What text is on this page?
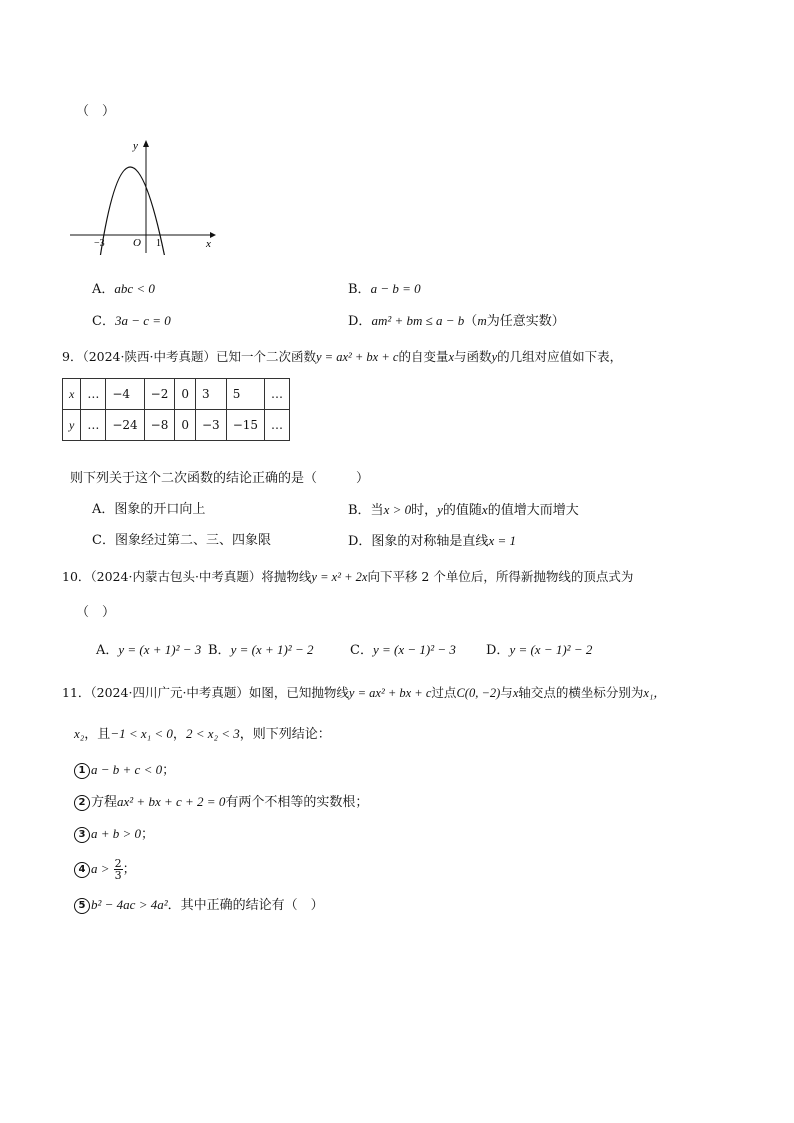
（　）
y
x
O
−3	1
A．abc < 0	B．a − b = 0
C．3a − c = 0	D．am² + bm ≤ a − b（m为任意实数）
9．（2024·陕西·中考真题）已知一个二次函数y = ax² + bx + c的自变量x与函数y的几组对应值如下表，
x	…	−4	−2	0	3	5	…
y	…	−24	−8	0	−3	−15	…
则下列关于这个二次函数的结论正确的是（　　　）
A．图象的开口向上	B．当x > 0时，y的值随x的值增大而增大
C．图象经过第二、三、四象限	D．图象的对称轴是直线x = 1
10．（2024·内蒙古包头·中考真题）将抛物线y = x² + 2x向下平移 2 个单位后，所得新抛物线的顶点式为
（　）
A．y = (x + 1)² − 3 B．y = (x + 1)² − 2	C．y = (x − 1)² − 3 D．y = (x − 1)² − 2
11．（2024·四川广元·中考真题）如图，已知抛物线y = ax² + bx + c过点C(0, −2)与x轴交点的横坐标分别为x₁，
x₂，且−1 < x₁ < 0，2 < x₂ < 3，则下列结论：
1 a − b + c < 0；
2 方程ax² + bx + c + 2 = 0有两个不相等的实数根；
3 a + b > 0；
4 $a > \frac{2}{3}$ ；
5 b² − 4ac > 4a²．其中正确的结论有（　）
